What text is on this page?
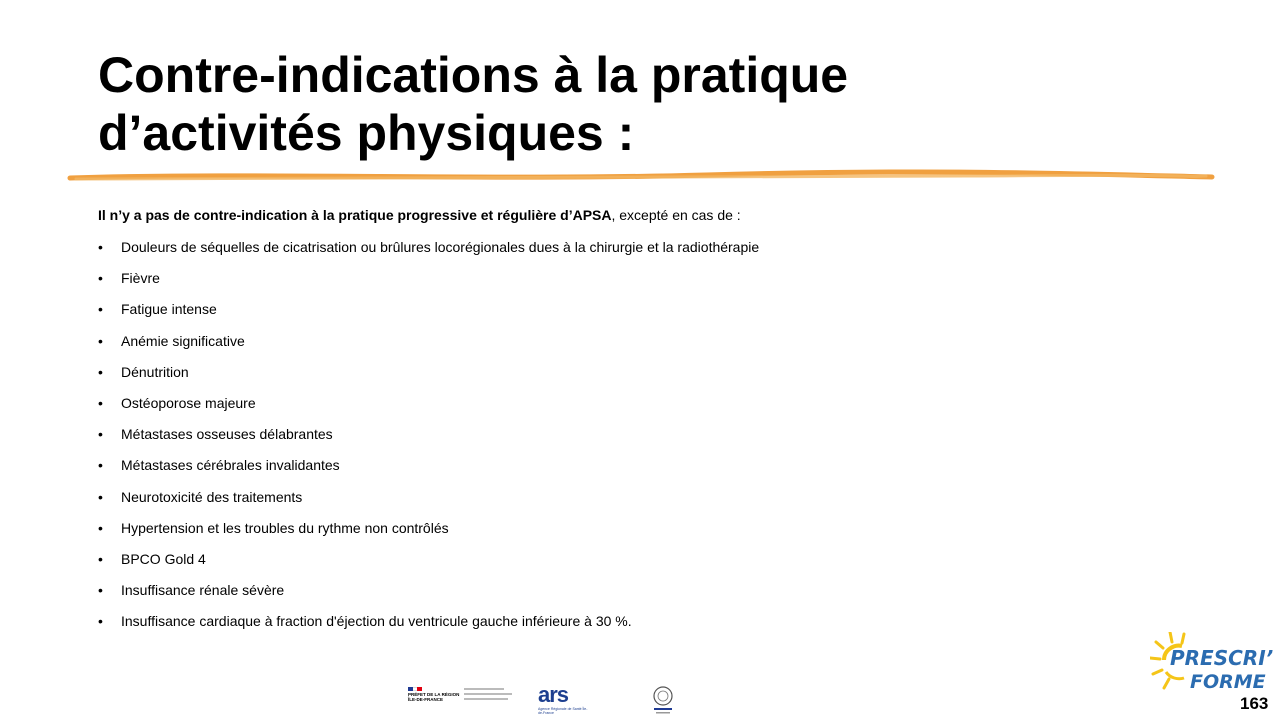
Contre-indications à la pratique
d’activités physiques :

Il n’y a pas de contre-indication à la pratique progressive et régulière d’APSA, excepté en cas de :

• Douleurs de séquelles de cicatrisation ou brûlures locorégionales dues à la chirurgie et la radiothérapie
• Fièvre
• Fatigue intense
• Anémie significative
• Dénutrition
• Ostéoporose majeure
• Métastases osseuses délabrantes
• Métastases cérébrales invalidantes
• Neurotoxicité des traitements
• Hypertension et les troubles du rythme non contrôlés
• BPCO Gold 4
• Insuffisance rénale sévère
• Insuffisance cardiaque à fraction d'éjection du ventricule gauche inférieure à 30 %.
PRÉFET DE LA RÉGION ÎLE-DE-FRANCE	ars
Agence Régionale de Santé Île-de-France
PRESCRI’
FORME
163
